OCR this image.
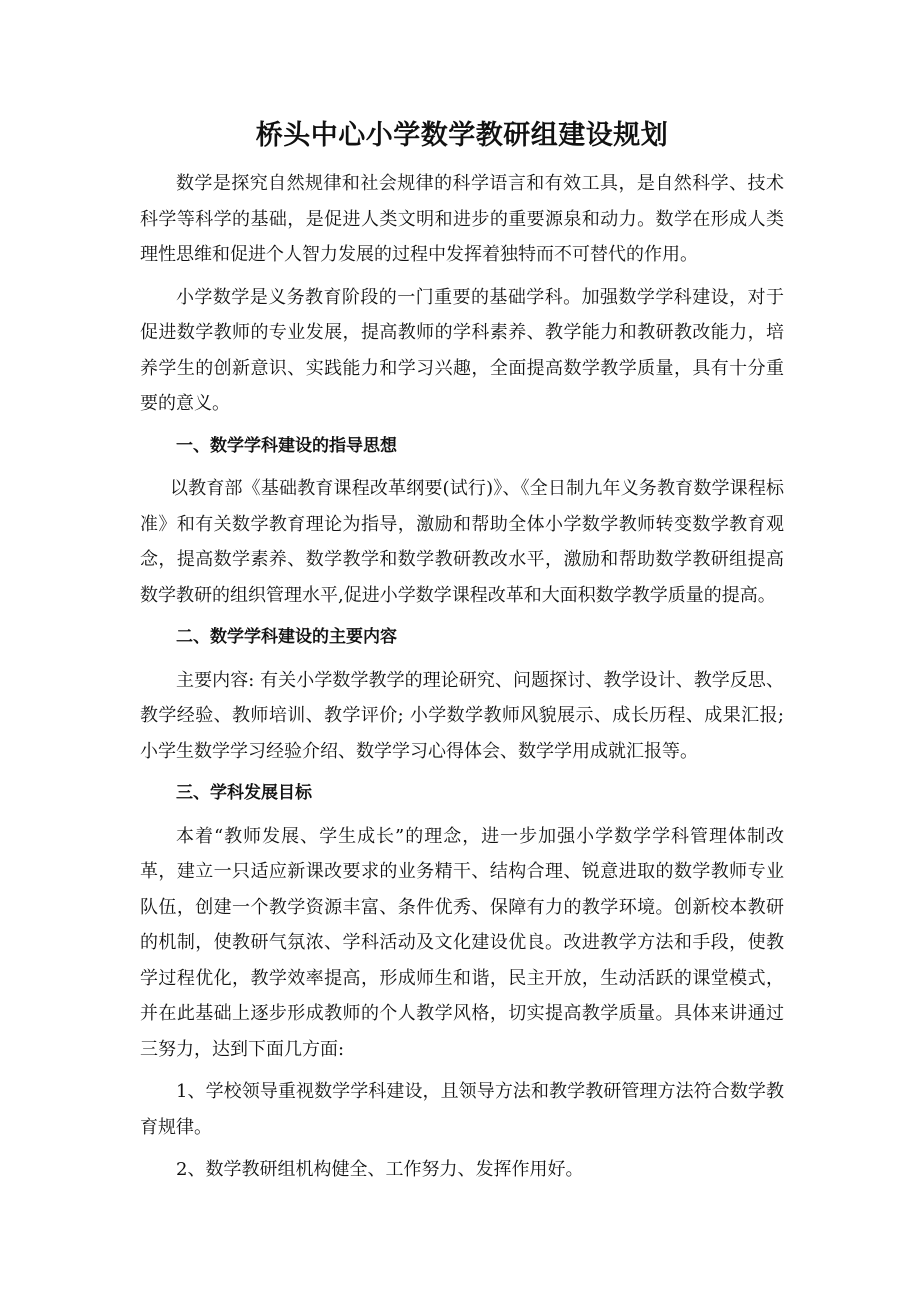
桥头中心小学数学教研组建设规划

数学是探究自然规律和社会规律的科学语言和有效工具，是自然科学、技术科学等科学的基础，是促进人类文明和进步的重要源泉和动力。数学在形成人类理性思维和促进个人智力发展的过程中发挥着独特而不可替代的作用。

小学数学是义务教育阶段的一门重要的基础学科。加强数学学科建设，对于促进数学教师的专业发展，提高教师的学科素养、教学能力和教研教改能力，培养学生的创新意识、实践能力和学习兴趣，全面提高数学教学质量，具有十分重要的意义。

一、数学学科建设的指导思想

以教育部《基础教育课程改革纲要(试行)》、《全日制九年义务教育数学课程标准》和有关数学教育理论为指导，激励和帮助全体小学数学教师转变数学教育观念，提高数学素养、数学教学和数学教研教改水平，激励和帮助数学教研组提高数学教研的组织管理水平,促进小学数学课程改革和大面积数学教学质量的提高。

二、数学学科建设的主要内容

主要内容: 有关小学数学教学的理论研究、问题探讨、教学设计、教学反思、教学经验、教师培训、教学评价; 小学数学教师风貌展示、成长历程、成果汇报; 小学生数学学习经验介绍、数学学习心得体会、数学学用成就汇报等。

三、学科发展目标

本着“教师发展、学生成长”的理念，进一步加强小学数学学科管理体制改革，建立一只适应新课改要求的业务精干、结构合理、锐意进取的数学教师专业队伍，创建一个教学资源丰富、条件优秀、保障有力的教学环境。创新校本教研的机制，使教研气氛浓、学科活动及文化建设优良。改进教学方法和手段，使教学过程优化，教学效率提高，形成师生和谐，民主开放，生动活跃的课堂模式，并在此基础上逐步形成教师的个人教学风格，切实提高教学质量。具体来讲通过三努力，达到下面几方面:

1、学校领导重视数学学科建设，且领导方法和教学教研管理方法符合数学教育规律。

2、数学教研组机构健全、工作努力、发挥作用好。
